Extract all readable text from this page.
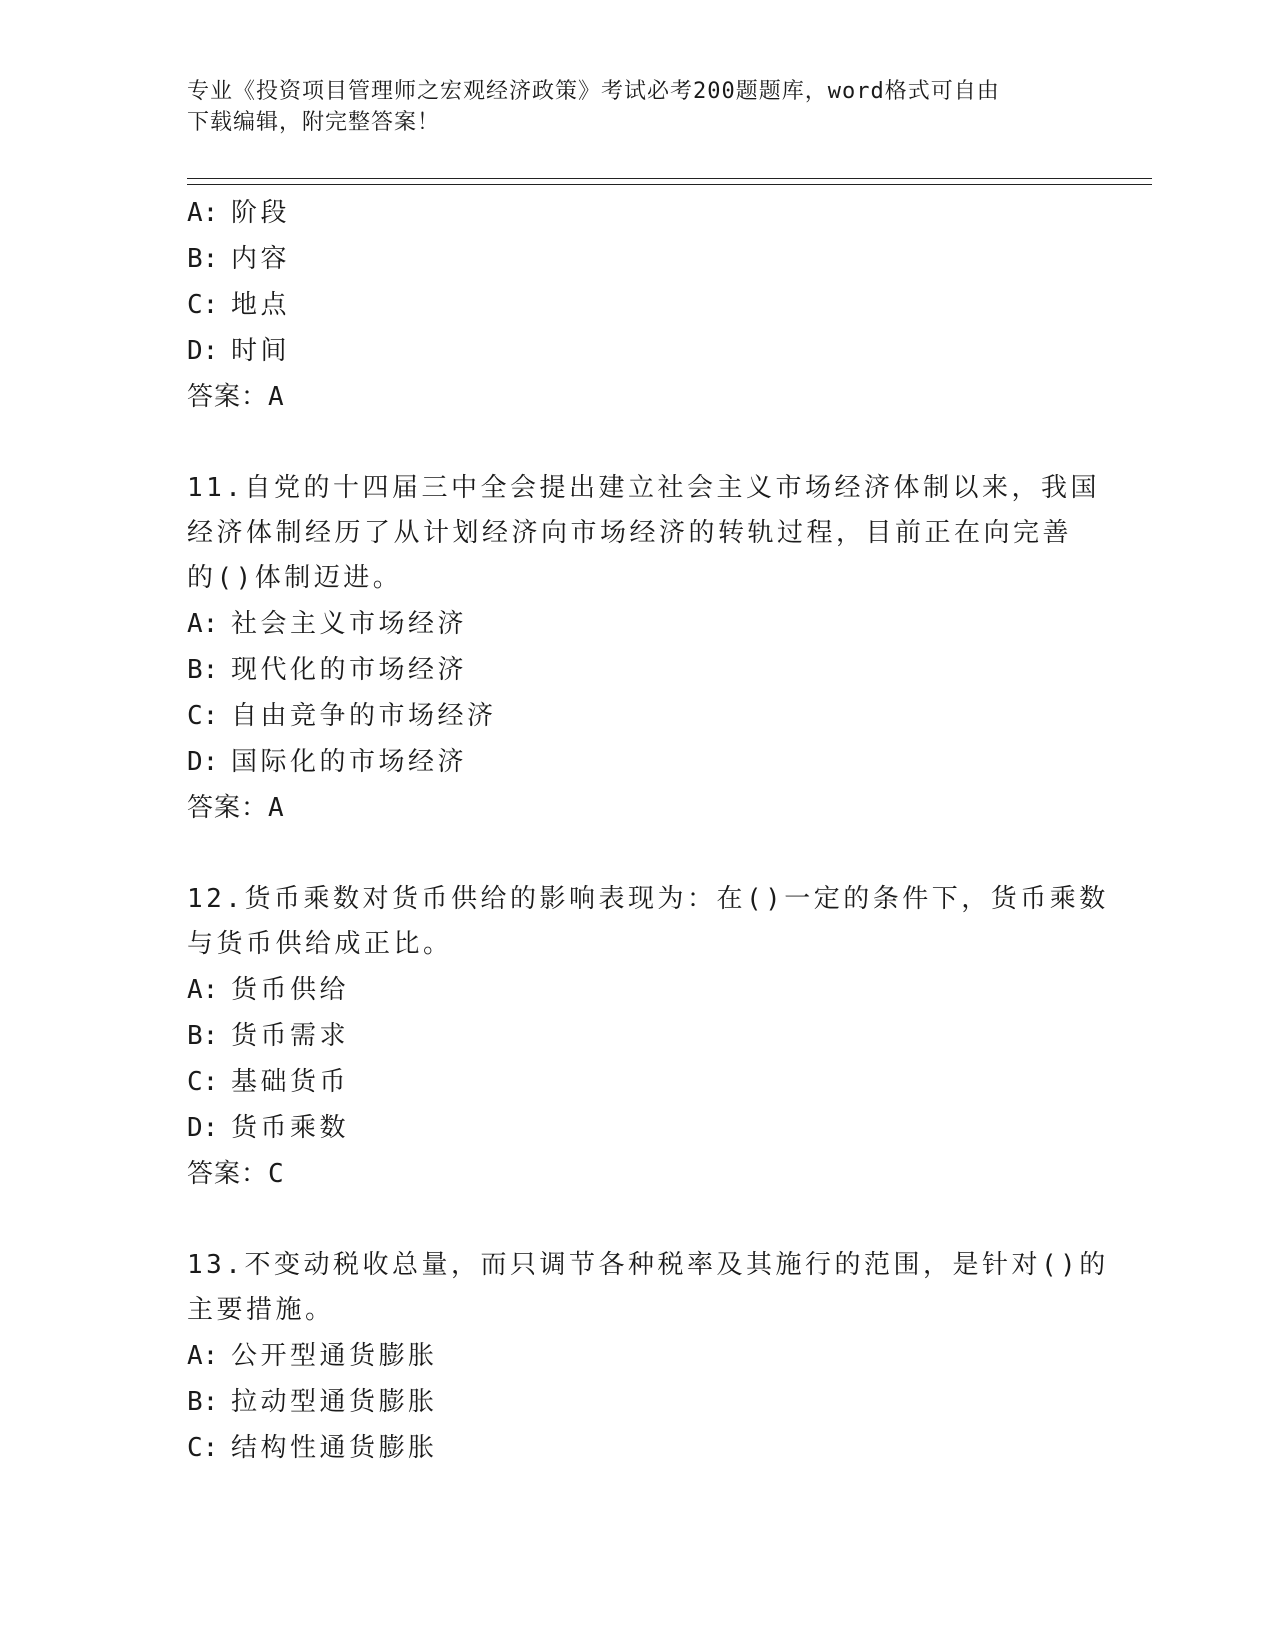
专业《投资项目管理师之宏观经济政策》考试必考200题题库，word格式可自由
下载编辑，附完整答案！
A: 阶段
B: 内容
C: 地点
D: 时间
答案：A
11.自党的十四届三中全会提出建立社会主义市场经济体制以来，我国
经济体制经历了从计划经济向市场经济的转轨过程，目前正在向完善
的()体制迈进。
A: 社会主义市场经济
B: 现代化的市场经济
C: 自由竞争的市场经济
D: 国际化的市场经济
答案：A
12.货币乘数对货币供给的影响表现为：在()一定的条件下，货币乘数
与货币供给成正比。
A: 货币供给
B: 货币需求
C: 基础货币
D: 货币乘数
答案：C
13.不变动税收总量，而只调节各种税率及其施行的范围，是针对()的
主要措施。
A: 公开型通货膨胀
B: 拉动型通货膨胀
C: 结构性通货膨胀
